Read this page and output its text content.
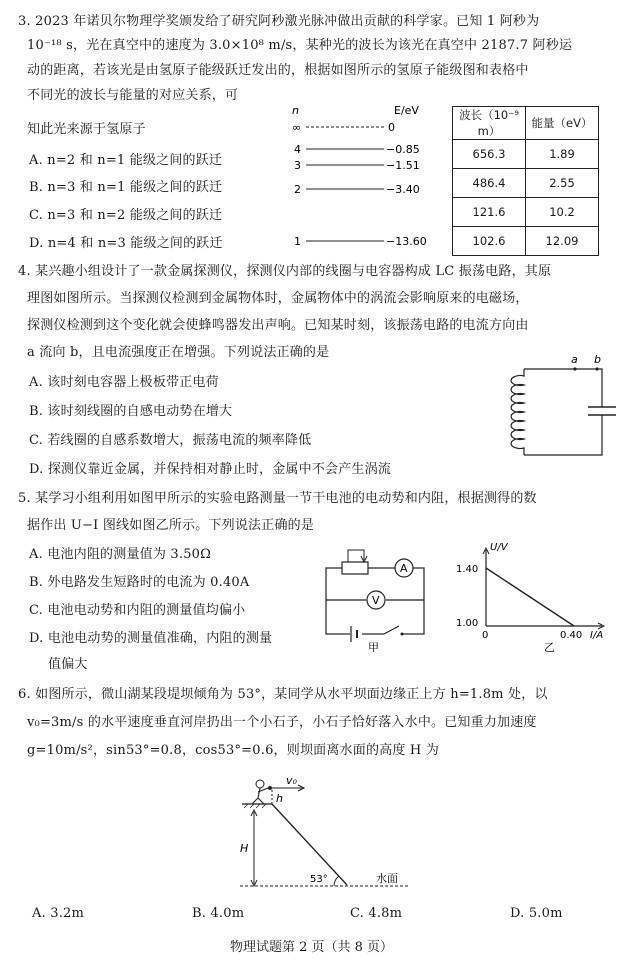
3. 2023 年诺贝尔物理学奖颁发给了研究阿秒激光脉冲做出贡献的科学家。已知 1 阿秒为
10⁻¹⁸ s，光在真空中的速度为 3.0×10⁸ m/s，某种光的波长为该光在真空中 2187.7 阿秒运
动的距离，若该光是由氢原子能级跃迁发出的，根据如图所示的氢原子能级图和表格中
不同光的波长与能量的对应关系，可
知此光来源于氢原子
A. n=2 和 n=1 能级之间的跃迁
B. n=3 和 n=1 能级之间的跃迁
C. n=3 和 n=2 能级之间的跃迁
D. n=4 和 n=3 能级之间的跃迁
n	E/eV
∞	0
4	−0.85
3	−1.51
2	−3.40
1	−13.60
波长（10⁻⁹ m）	能量（eV）
656.3	1.89
486.4	2.55
121.6	10.2
102.6	12.09
4. 某兴趣小组设计了一款金属探测仪，探测仪内部的线圈与电容器构成 LC 振荡电路，其原
理图如图所示。当探测仪检测到金属物体时，金属物体中的涡流会影响原来的电磁场，
探测仪检测到这个变化就会使蜂鸣器发出声响。已知某时刻，该振荡电路的电流方向由
a 流向 b，且电流强度正在增强。下列说法正确的是
A. 该时刻电容器上极板带正电荷
B. 该时刻线圈的自感电动势在增大
C. 若线圈的自感系数增大，振荡电流的频率降低
D. 探测仪靠近金属，并保持相对静止时，金属中不会产生涡流
a b
5. 某学习小组利用如图甲所示的实验电路测量一节干电池的电动势和内阻，根据测得的数
据作出 U−I 图线如图乙所示。下列说法正确的是
A. 电池内阻的测量值为 3.50Ω
B. 外电路发生短路时的电流为 0.40A
C. 电池电动势和内阻的测量值均偏小
D. 电池电动势的测量值准确，内阻的测量
值偏大
A
V
甲
U/V
1.40
1.00
0	0.40 I/A
乙
6. 如图所示，微山湖某段堤坝倾角为 53°，某同学从水平坝面边缘正上方 h=1.8m 处，以
v₀=3m/s 的水平速度垂直河岸扔出一个小石子，小石子恰好落入水中。已知重力加速度
g=10m/s²，sin53°=0.8，cos53°=0.6，则坝面离水面的高度 H 为
v₀
h
H
53°	水面
A. 3.2m	B. 4.0m	C. 4.8m	D. 5.0m
物理试题第 2 页（共 8 页）
